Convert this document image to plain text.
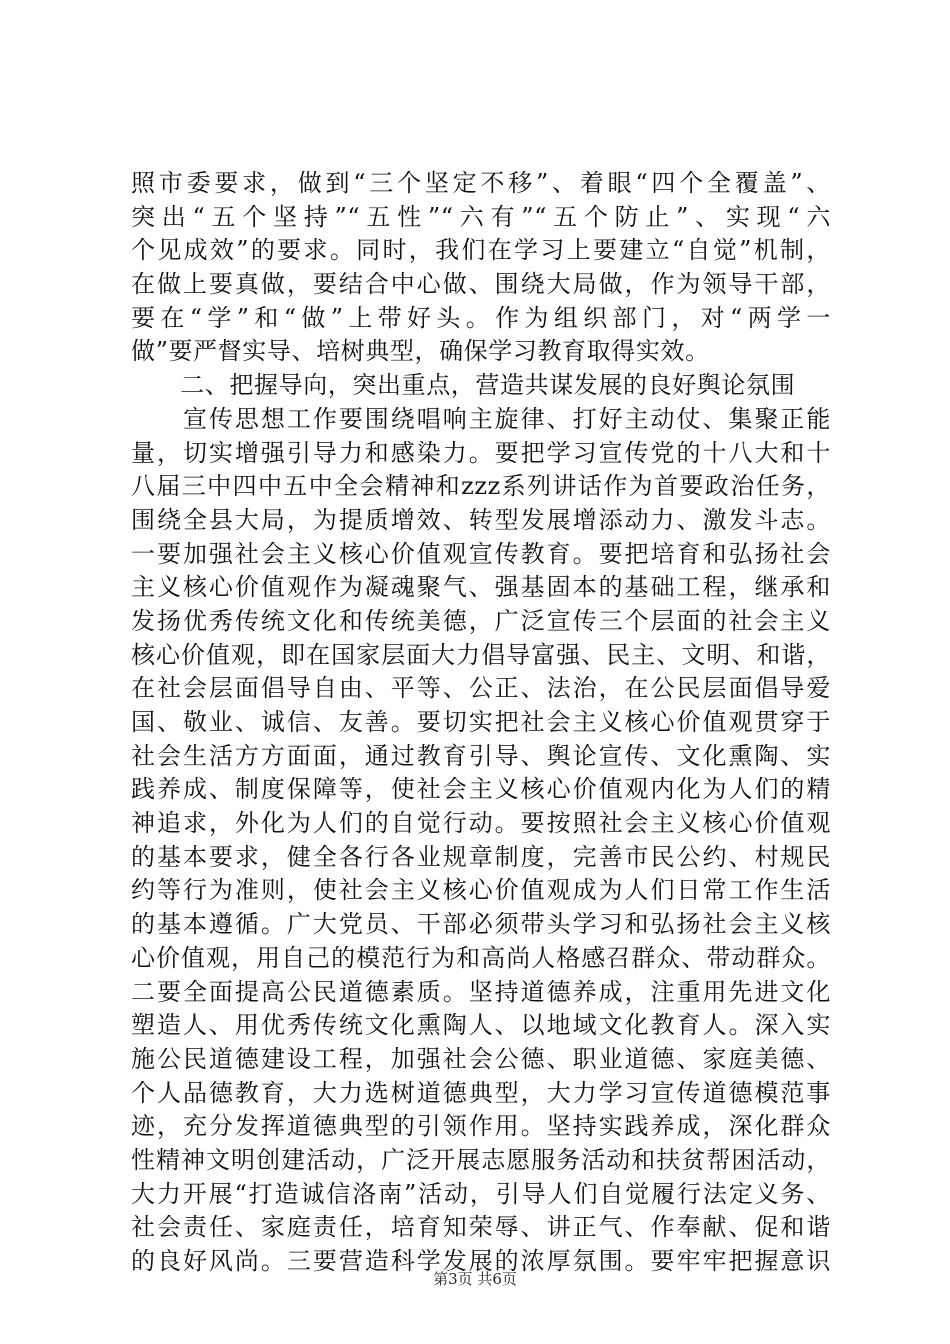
照市委要求，做到“三个坚定不移”、着眼“四个全覆盖”、
突出“五个坚持”“五性”“六有”“五个防止”、实现“六
个见成效”的要求。同时，我们在学习上要建立“自觉”机制，
在做上要真做，要结合中心做、围绕大局做，作为领导干部，
要在“学”和“做”上带好头。作为组织部门，对“两学一
做”要严督实导、培树典型，确保学习教育取得实效。
　　二、把握导向，突出重点，营造共谋发展的良好舆论氛围
　　宣传思想工作要围绕唱响主旋律、打好主动仗、集聚正能
量，切实增强引导力和感染力。要把学习宣传党的十八大和十
八届三中四中五中全会精神和zzz系列讲话作为首要政治任务，
围绕全县大局，为提质增效、转型发展增添动力、激发斗志。
一要加强社会主义核心价值观宣传教育。要把培育和弘扬社会
主义核心价值观作为凝魂聚气、强基固本的基础工程，继承和
发扬优秀传统文化和传统美德，广泛宣传三个层面的社会主义
核心价值观，即在国家层面大力倡导富强、民主、文明、和谐，
在社会层面倡导自由、平等、公正、法治，在公民层面倡导爱
国、敬业、诚信、友善。要切实把社会主义核心价值观贯穿于
社会生活方方面面，通过教育引导、舆论宣传、文化熏陶、实
践养成、制度保障等，使社会主义核心价值观内化为人们的精
神追求，外化为人们的自觉行动。要按照社会主义核心价值观
的基本要求，健全各行各业规章制度，完善市民公约、村规民
约等行为准则，使社会主义核心价值观成为人们日常工作生活
的基本遵循。广大党员、干部必须带头学习和弘扬社会主义核
心价值观，用自己的模范行为和高尚人格感召群众、带动群众。
二要全面提高公民道德素质。坚持道德养成，注重用先进文化
塑造人、用优秀传统文化熏陶人、以地域文化教育人。深入实
施公民道德建设工程，加强社会公德、职业道德、家庭美德、
个人品德教育，大力选树道德典型，大力学习宣传道德模范事
迹，充分发挥道德典型的引领作用。坚持实践养成，深化群众
性精神文明创建活动，广泛开展志愿服务活动和扶贫帮困活动，
大力开展“打造诚信洛南”活动，引导人们自觉履行法定义务、
社会责任、家庭责任，培育知荣辱、讲正气、作奉献、促和谐
的良好风尚。三要营造科学发展的浓厚氛围。要牢牢把握意识
第3页 共6页
